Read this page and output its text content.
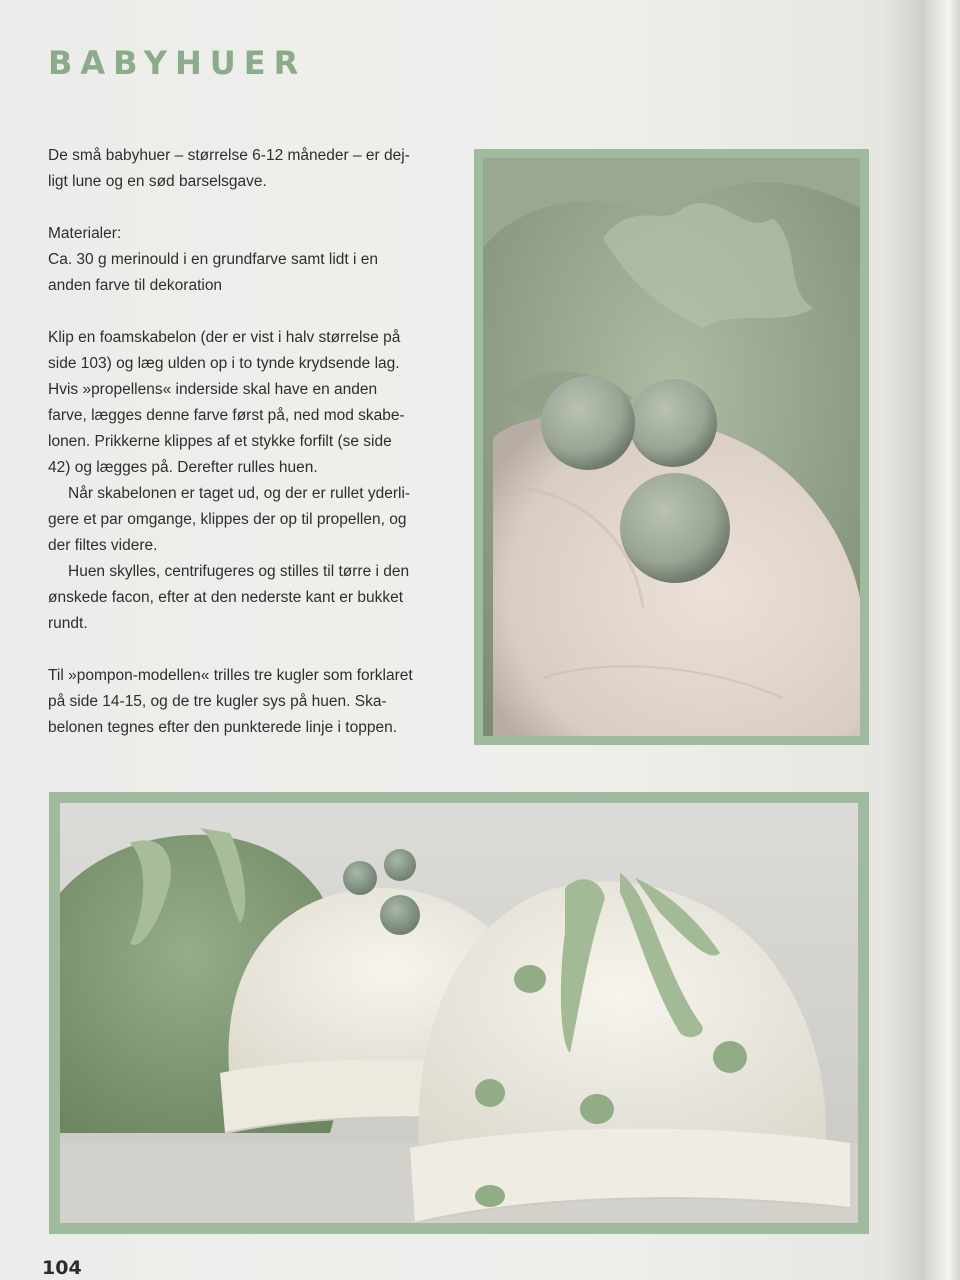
BABYHUER

De små babyhuer – størrelse 6-12 måneder – er dej-

ligt lune og en sød barselsgave.

Materialer:

Ca. 30 g merinould i en grundfarve samt lidt i en

anden farve til dekoration

Klip en foamskabelon (der er vist i halv størrelse på

side 103) og læg ulden op i to tynde krydsende lag.

Hvis »propellens« inderside skal have en anden

farve, lægges denne farve først på, ned mod skabe-

lonen. Prikkerne klippes af et stykke forfilt (se side

42) og lægges på. Derefter rulles huen.

Når skabelonen er taget ud, og der er rullet yderli-

gere et par omgange, klippes der op til propellen, og

der filtes videre.

Huen skylles, centrifugeres og stilles til tørre i den

ønskede facon, efter at den nederste kant er bukket

rundt.

Til »pompon-modellen« trilles tre kugler som forklaret

på side 14-15, og de tre kugler sys på huen. Ska-

belonen tegnes efter den punkterede linje i toppen.

104
